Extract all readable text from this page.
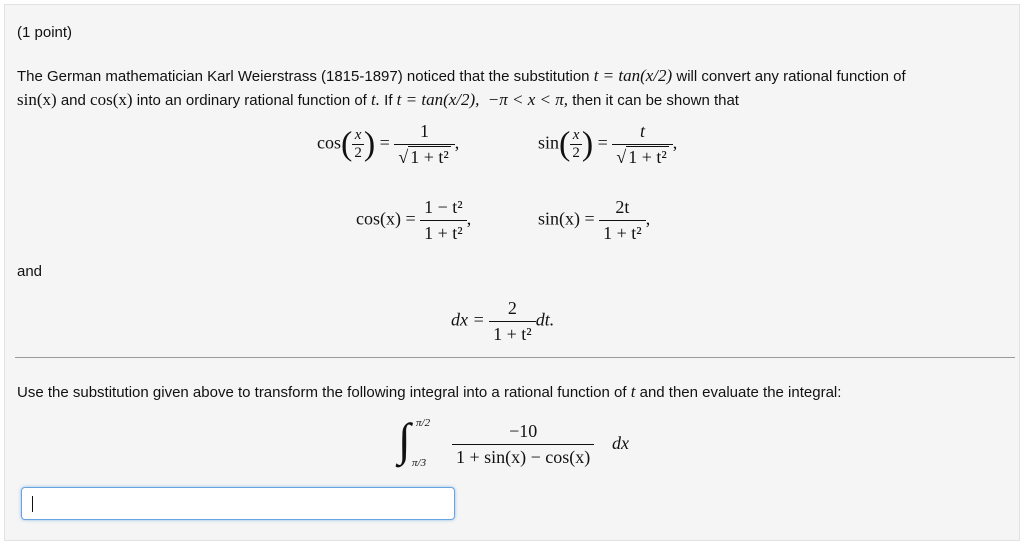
(1 point)
The German mathematician Karl Weierstrass (1815-1897) noticed that the substitution t = tan(x/2) will convert any rational function of
sin(x) and cos(x) into an ordinary rational function of t. If t = tan(x/2), −π < x < π, then it can be shown that
$\cos( \frac{x}{2}$ ) = $\frac{1}{\text{√ 1 + t²}}$ ,	$\sin( \frac{x}{2}$ ) = $\frac{t}{\text{√ 1 + t²}}$ ,
$\cos(x) = \frac{\text{1 − t²}}{\text{1 + t²}}$ ,	$\sin(x) = \frac{2t}{\text{1 + t²}}$ ,
and
dx = $\frac{2}{\text{1 + t²}}$ dt.
Use the substitution given above to transform the following integral into a rational function of t and then evaluate the integral:
∫ π/2
$\pi/3 \frac{-10}{1 + \sin(x) - \cos(x)}$ dx
